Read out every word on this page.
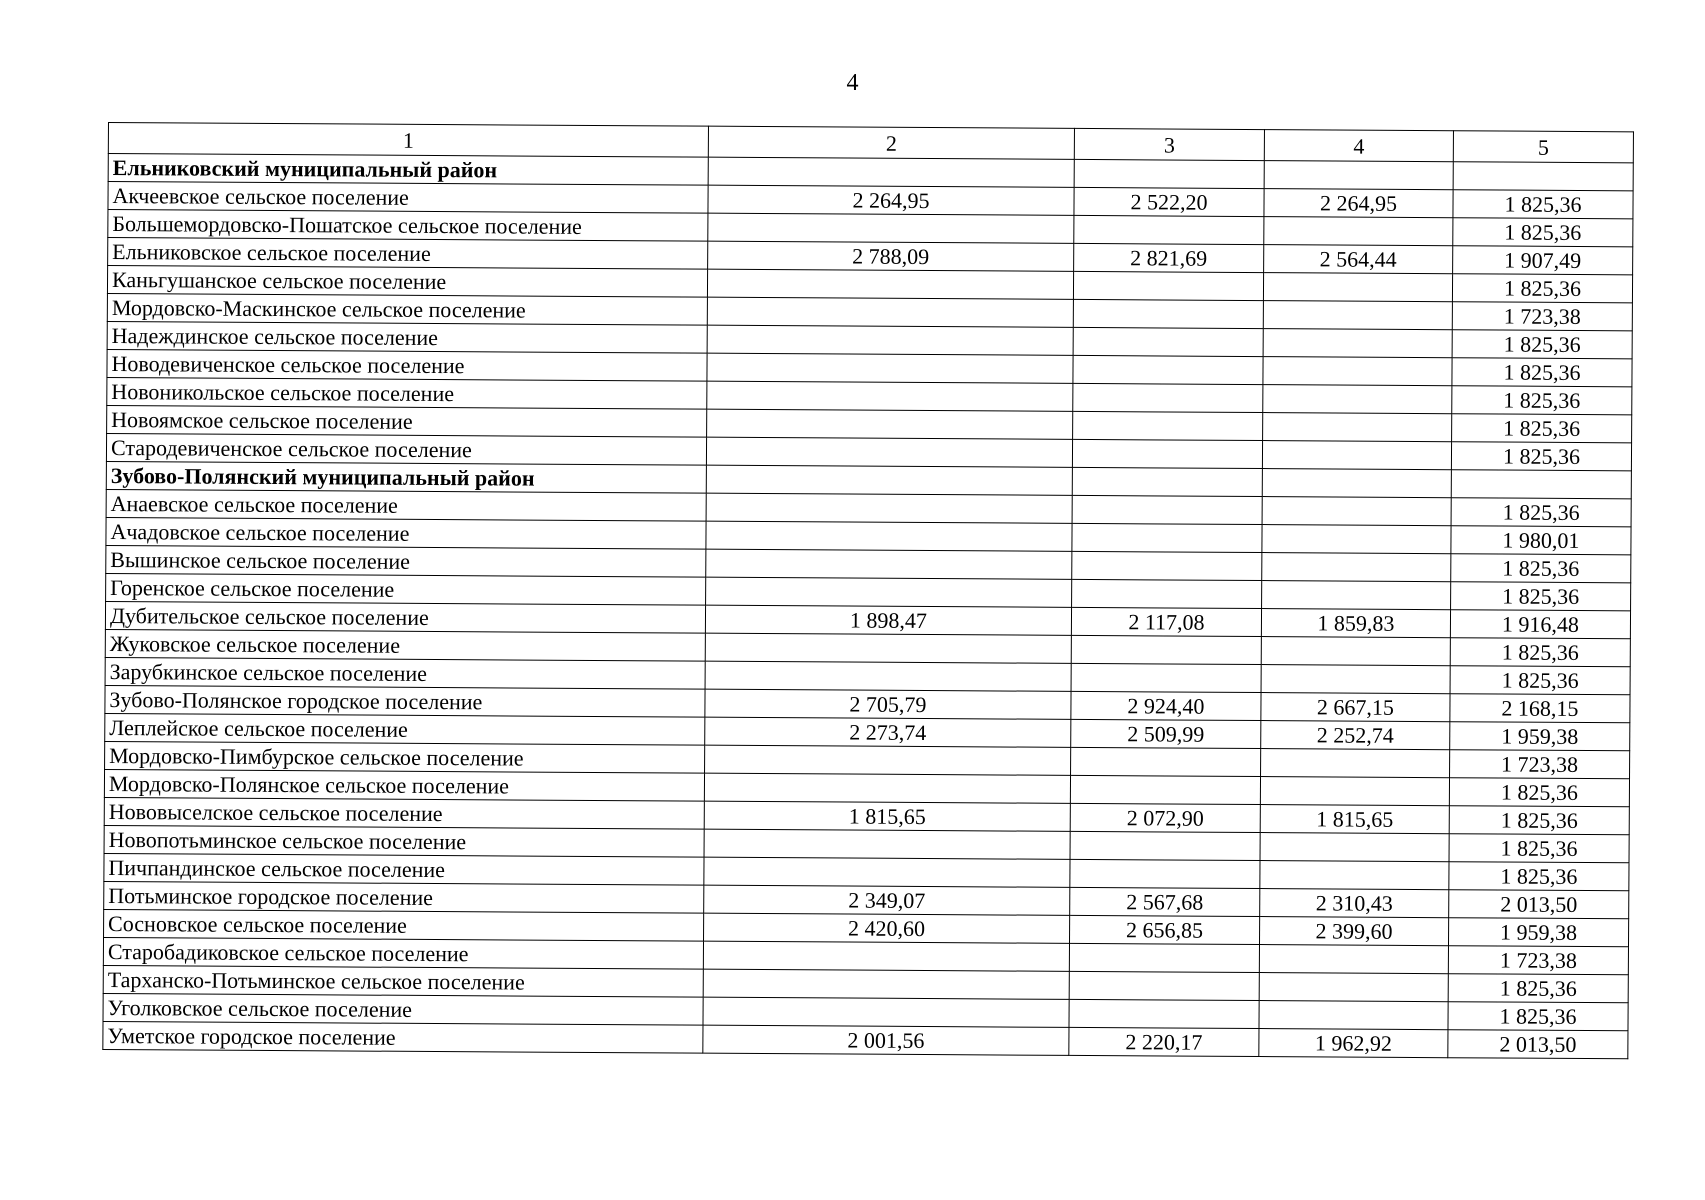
4
1	2	3	4	5
Ельниковский муниципальный район				
Акчеевское сельское поселение	2 264,95	2 522,20	2 264,95	1 825,36
Большемордовско-Пошатское сельское поселение				1 825,36
Ельниковское сельское поселение	2 788,09	2 821,69	2 564,44	1 907,49
Каньгушанское сельское поселение				1 825,36
Мордовско-Маскинское сельское поселение				1 723,38
Надеждинское сельское поселение				1 825,36
Новодевиченское сельское поселение				1 825,36
Новоникольское сельское поселение				1 825,36
Новоямское сельское поселение				1 825,36
Стародевиченское сельское поселение				1 825,36
Зубово-Полянский муниципальный район				
Анаевское сельское поселение				1 825,36
Ачадовское сельское поселение				1 980,01
Вышинское сельское поселение				1 825,36
Горенское сельское поселение				1 825,36
Дубительское сельское поселение	1 898,47	2 117,08	1 859,83	1 916,48
Жуковское сельское поселение				1 825,36
Зарубкинское сельское поселение				1 825,36
Зубово-Полянское городское поселение	2 705,79	2 924,40	2 667,15	2 168,15
Леплейское сельское поселение	2 273,74	2 509,99	2 252,74	1 959,38
Мордовско-Пимбурское сельское поселение				1 723,38
Мордовско-Полянское сельское поселение				1 825,36
Нововыселское сельское поселение	1 815,65	2 072,90	1 815,65	1 825,36
Новопотьминское сельское поселение				1 825,36
Пичпандинское сельское поселение				1 825,36
Потьминское городское поселение	2 349,07	2 567,68	2 310,43	2 013,50
Сосновское сельское поселение	2 420,60	2 656,85	2 399,60	1 959,38
Старобадиковское сельское поселение				1 723,38
Тарханско-Потьминское сельское поселение				1 825,36
Уголковское сельское поселение				1 825,36
Уметское городское поселение	2 001,56	2 220,17	1 962,92	2 013,50
